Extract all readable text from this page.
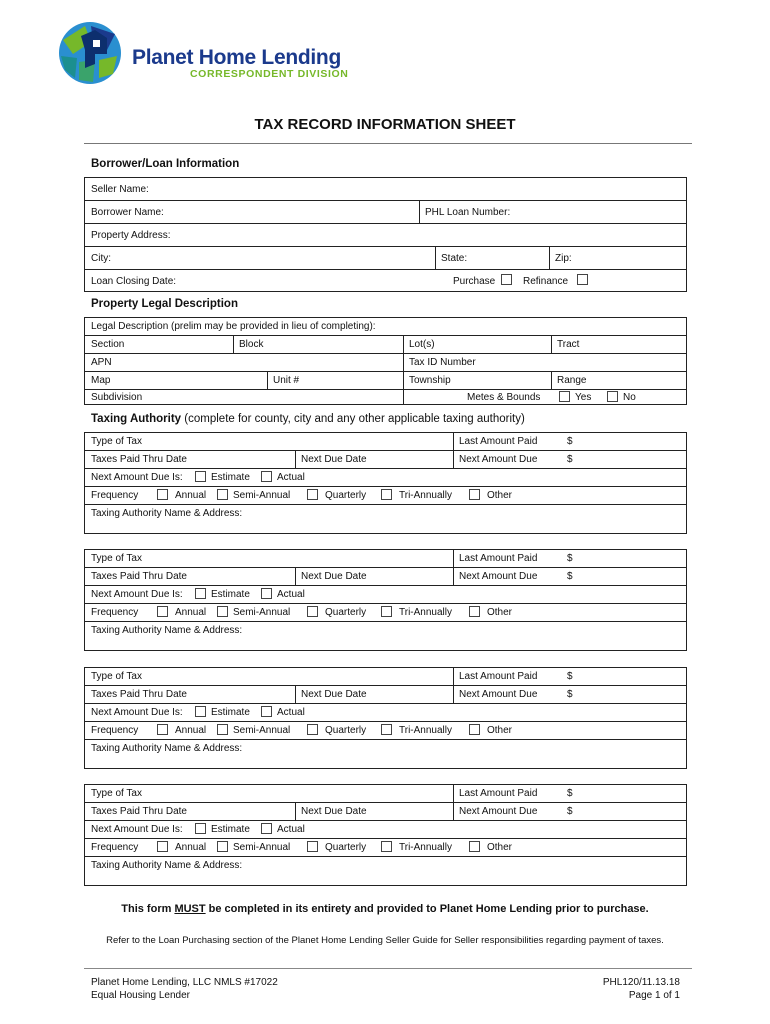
Planet Home Lending
CORRESPONDENT DIVISION
TAX RECORD INFORMATION SHEET
Borrower/Loan Information
Seller Name:
Borrower Name:	PHL Loan Number:
Property Address:
City:	State:	Zip:
Loan Closing Date:	Purchase	Refinance
Property Legal Description
Legal Description (prelim may be provided in lieu of completing):
Section	Block	Lot(s)	Tract
APN	Tax ID Number
Map	Unit #	Township	Range
Subdivision	Metes & Bounds	Yes	No
Taxing Authority (complete for county, city and any other applicable taxing authority)
Type of Tax	Last Amount Paid	$
Taxes Paid Thru Date	Next Due Date	Next Amount Due	$
Next Amount Due Is:	Estimate	Actual
Frequency	Annual	Semi-Annual	Quarterly	Tri-Annually	Other
Taxing Authority Name & Address:
Type of Tax	Last Amount Paid	$
Taxes Paid Thru Date	Next Due Date	Next Amount Due	$
Next Amount Due Is:	Estimate	Actual
Frequency	Annual	Semi-Annual	Quarterly	Tri-Annually	Other
Taxing Authority Name & Address:
Type of Tax	Last Amount Paid	$
Taxes Paid Thru Date	Next Due Date	Next Amount Due	$
Next Amount Due Is:	Estimate	Actual
Frequency	Annual	Semi-Annual	Quarterly	Tri-Annually	Other
Taxing Authority Name & Address:
Type of Tax	Last Amount Paid	$
Taxes Paid Thru Date	Next Due Date	Next Amount Due	$
Next Amount Due Is:	Estimate	Actual
Frequency	Annual	Semi-Annual	Quarterly	Tri-Annually	Other
Taxing Authority Name & Address:
This form MUST be completed in its entirety and provided to Planet Home Lending prior to purchase.
Refer to the Loan Purchasing section of the Planet Home Lending Seller Guide for Seller responsibilities regarding payment of taxes.
Planet Home Lending, LLC NMLS #17022
Equal Housing Lender
PHL120/11.13.18
Page 1 of 1
